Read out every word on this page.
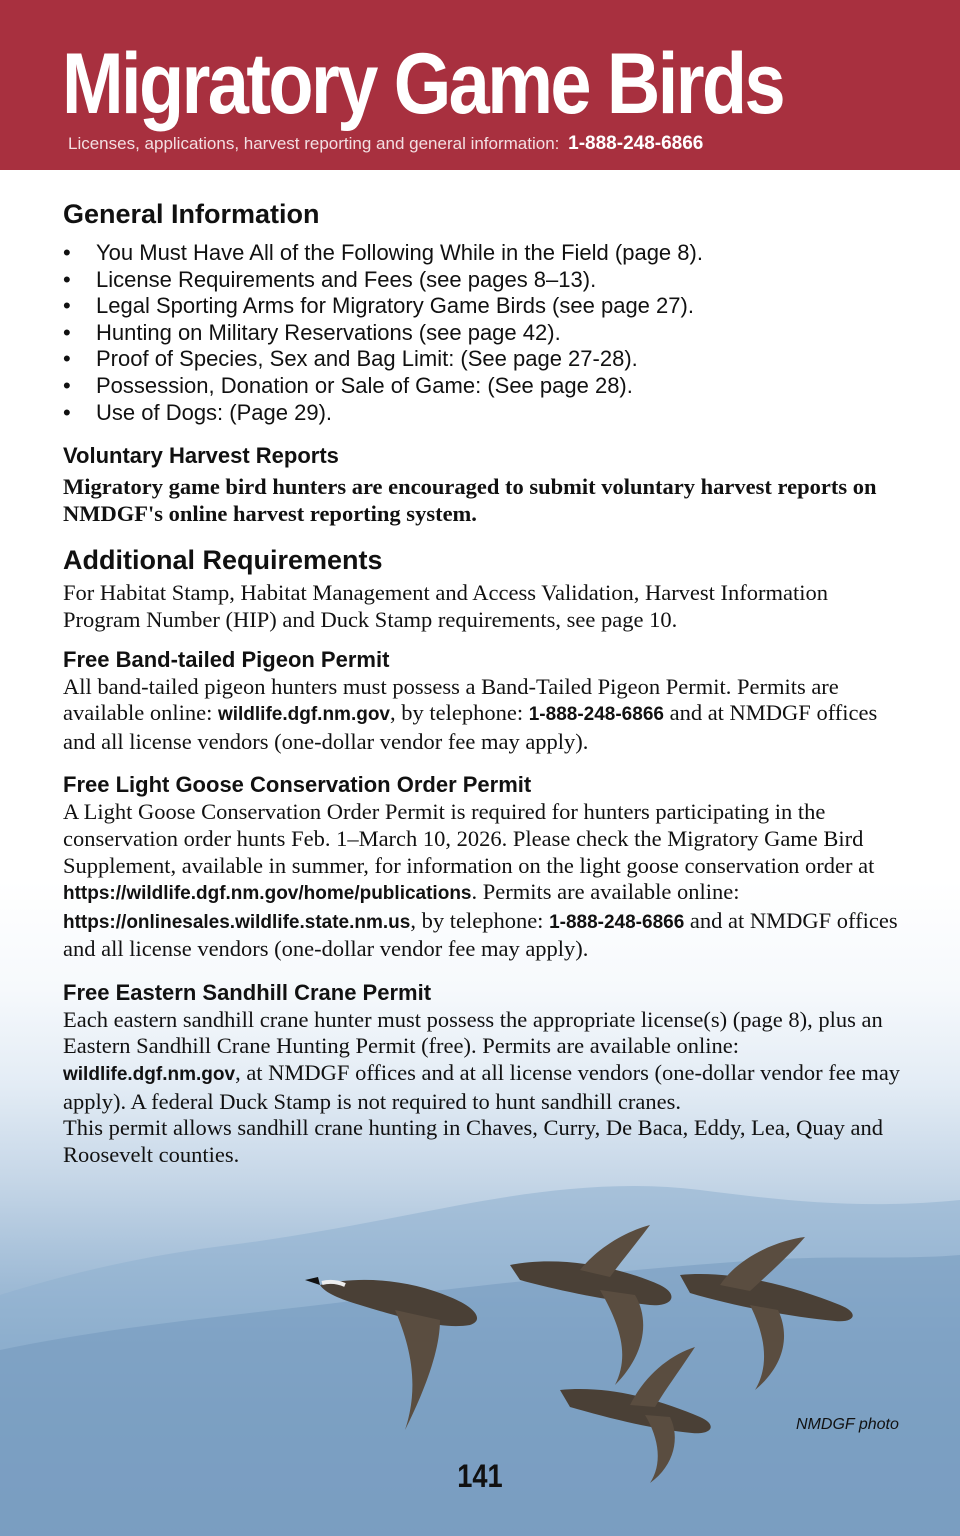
Migratory Game Birds
Licenses, applications, harvest reporting and general information: 1-888-248-6866
General Information
• You Must Have All of the Following While in the Field (page 8).
• License Requirements and Fees (see pages 8–13).
• Legal Sporting Arms for Migratory Game Birds (see page 27).
• Hunting on Military Reservations (see page 42).
• Proof of Species, Sex and Bag Limit: (See page 27-28).
• Possession, Donation or Sale of Game: (See page 28).
• Use of Dogs: (Page 29).
Voluntary Harvest Reports

Migratory game bird hunters are encouraged to submit voluntary harvest reports on NMDGF's online harvest reporting system.

Additional Requirements

For Habitat Stamp, Habitat Management and Access Validation, Harvest Information Program Number (HIP) and Duck Stamp requirements, see page 10.

Free Band-tailed Pigeon Permit

All band-tailed pigeon hunters must possess a Band-Tailed Pigeon Permit. Permits are available online: wildlife.dgf.nm.gov, by telephone: 1-888-248-6866 and at NMDGF offices and all license vendors (one-dollar vendor fee may apply).

Free Light Goose Conservation Order Permit

A Light Goose Conservation Order Permit is required for hunters participating in the conservation order hunts Feb. 1–March 10, 2026. Please check the Migratory Game Bird Supplement, available in summer, for information on the light goose conservation order at https://wildlife.dgf.nm.gov/home/publications. Permits are available online: https://onlinesales.wildlife.state.nm.us, by telephone: 1-888-248-6866 and at NMDGF offices and all license vendors (one-dollar vendor fee may apply).

Free Eastern Sandhill Crane Permit

Each eastern sandhill crane hunter must possess the appropriate license(s) (page 8), plus an Eastern Sandhill Crane Hunting Permit (free). Permits are available online: wildlife.dgf.nm.gov, at NMDGF offices and at all license vendors (one-dollar vendor fee may apply). A federal Duck Stamp is not required to hunt sandhill cranes.

This permit allows sandhill crane hunting in Chaves, Curry, De Baca, Eddy, Lea, Quay and Roosevelt counties.

NMDGF photo
141
